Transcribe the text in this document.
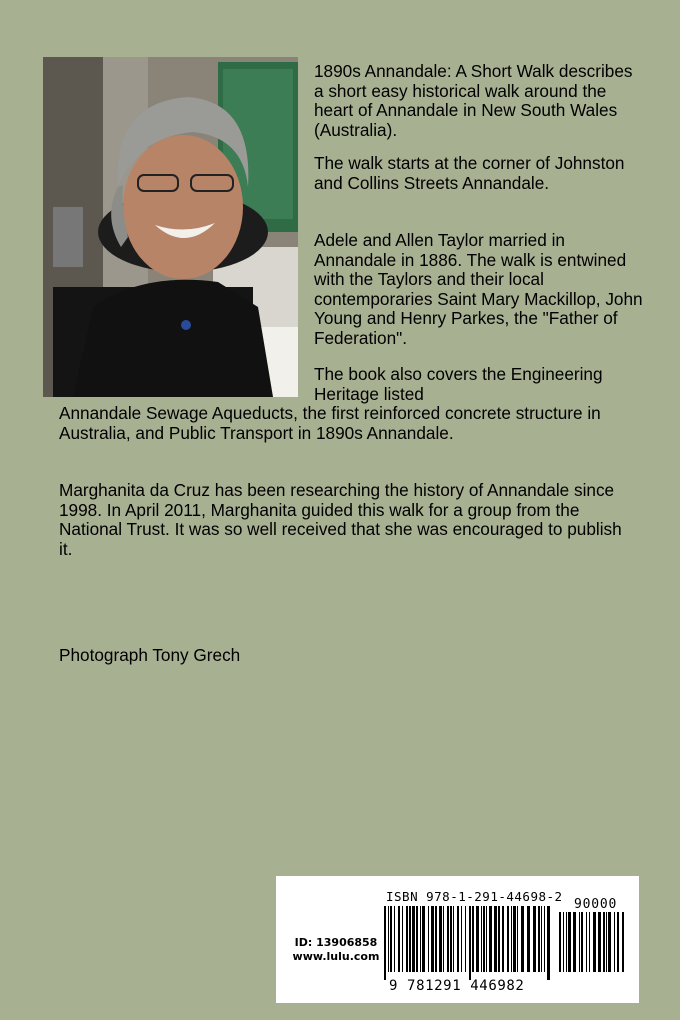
1890s Annandale: A Short Walk describes a short easy historical walk around the heart of Annandale in New South Wales (Australia).

The walk starts at the corner of Johnston and Collins Streets Annandale.

Adele and Allen Taylor married in Annandale in 1886. The walk is entwined with the Taylors and their local contemporaries Saint Mary Mackillop, John Young and Henry Parkes, the "Father of Federation".

The book also covers the Engineering Heritage listed

Annandale Sewage Aqueducts, the first reinforced concrete structure in Australia, and Public Transport in 1890s Annandale.

Marghanita da Cruz has been researching the history of Annandale since 1998. In April 2011, Marghanita guided this walk for a group from the National Trust. It was so well received that she was encouraged to publish it.

Photograph Tony Grech

ID: 13906858
www.lulu.com
ISBN 978-1-291-44698-2
9 781291 446982
90000
